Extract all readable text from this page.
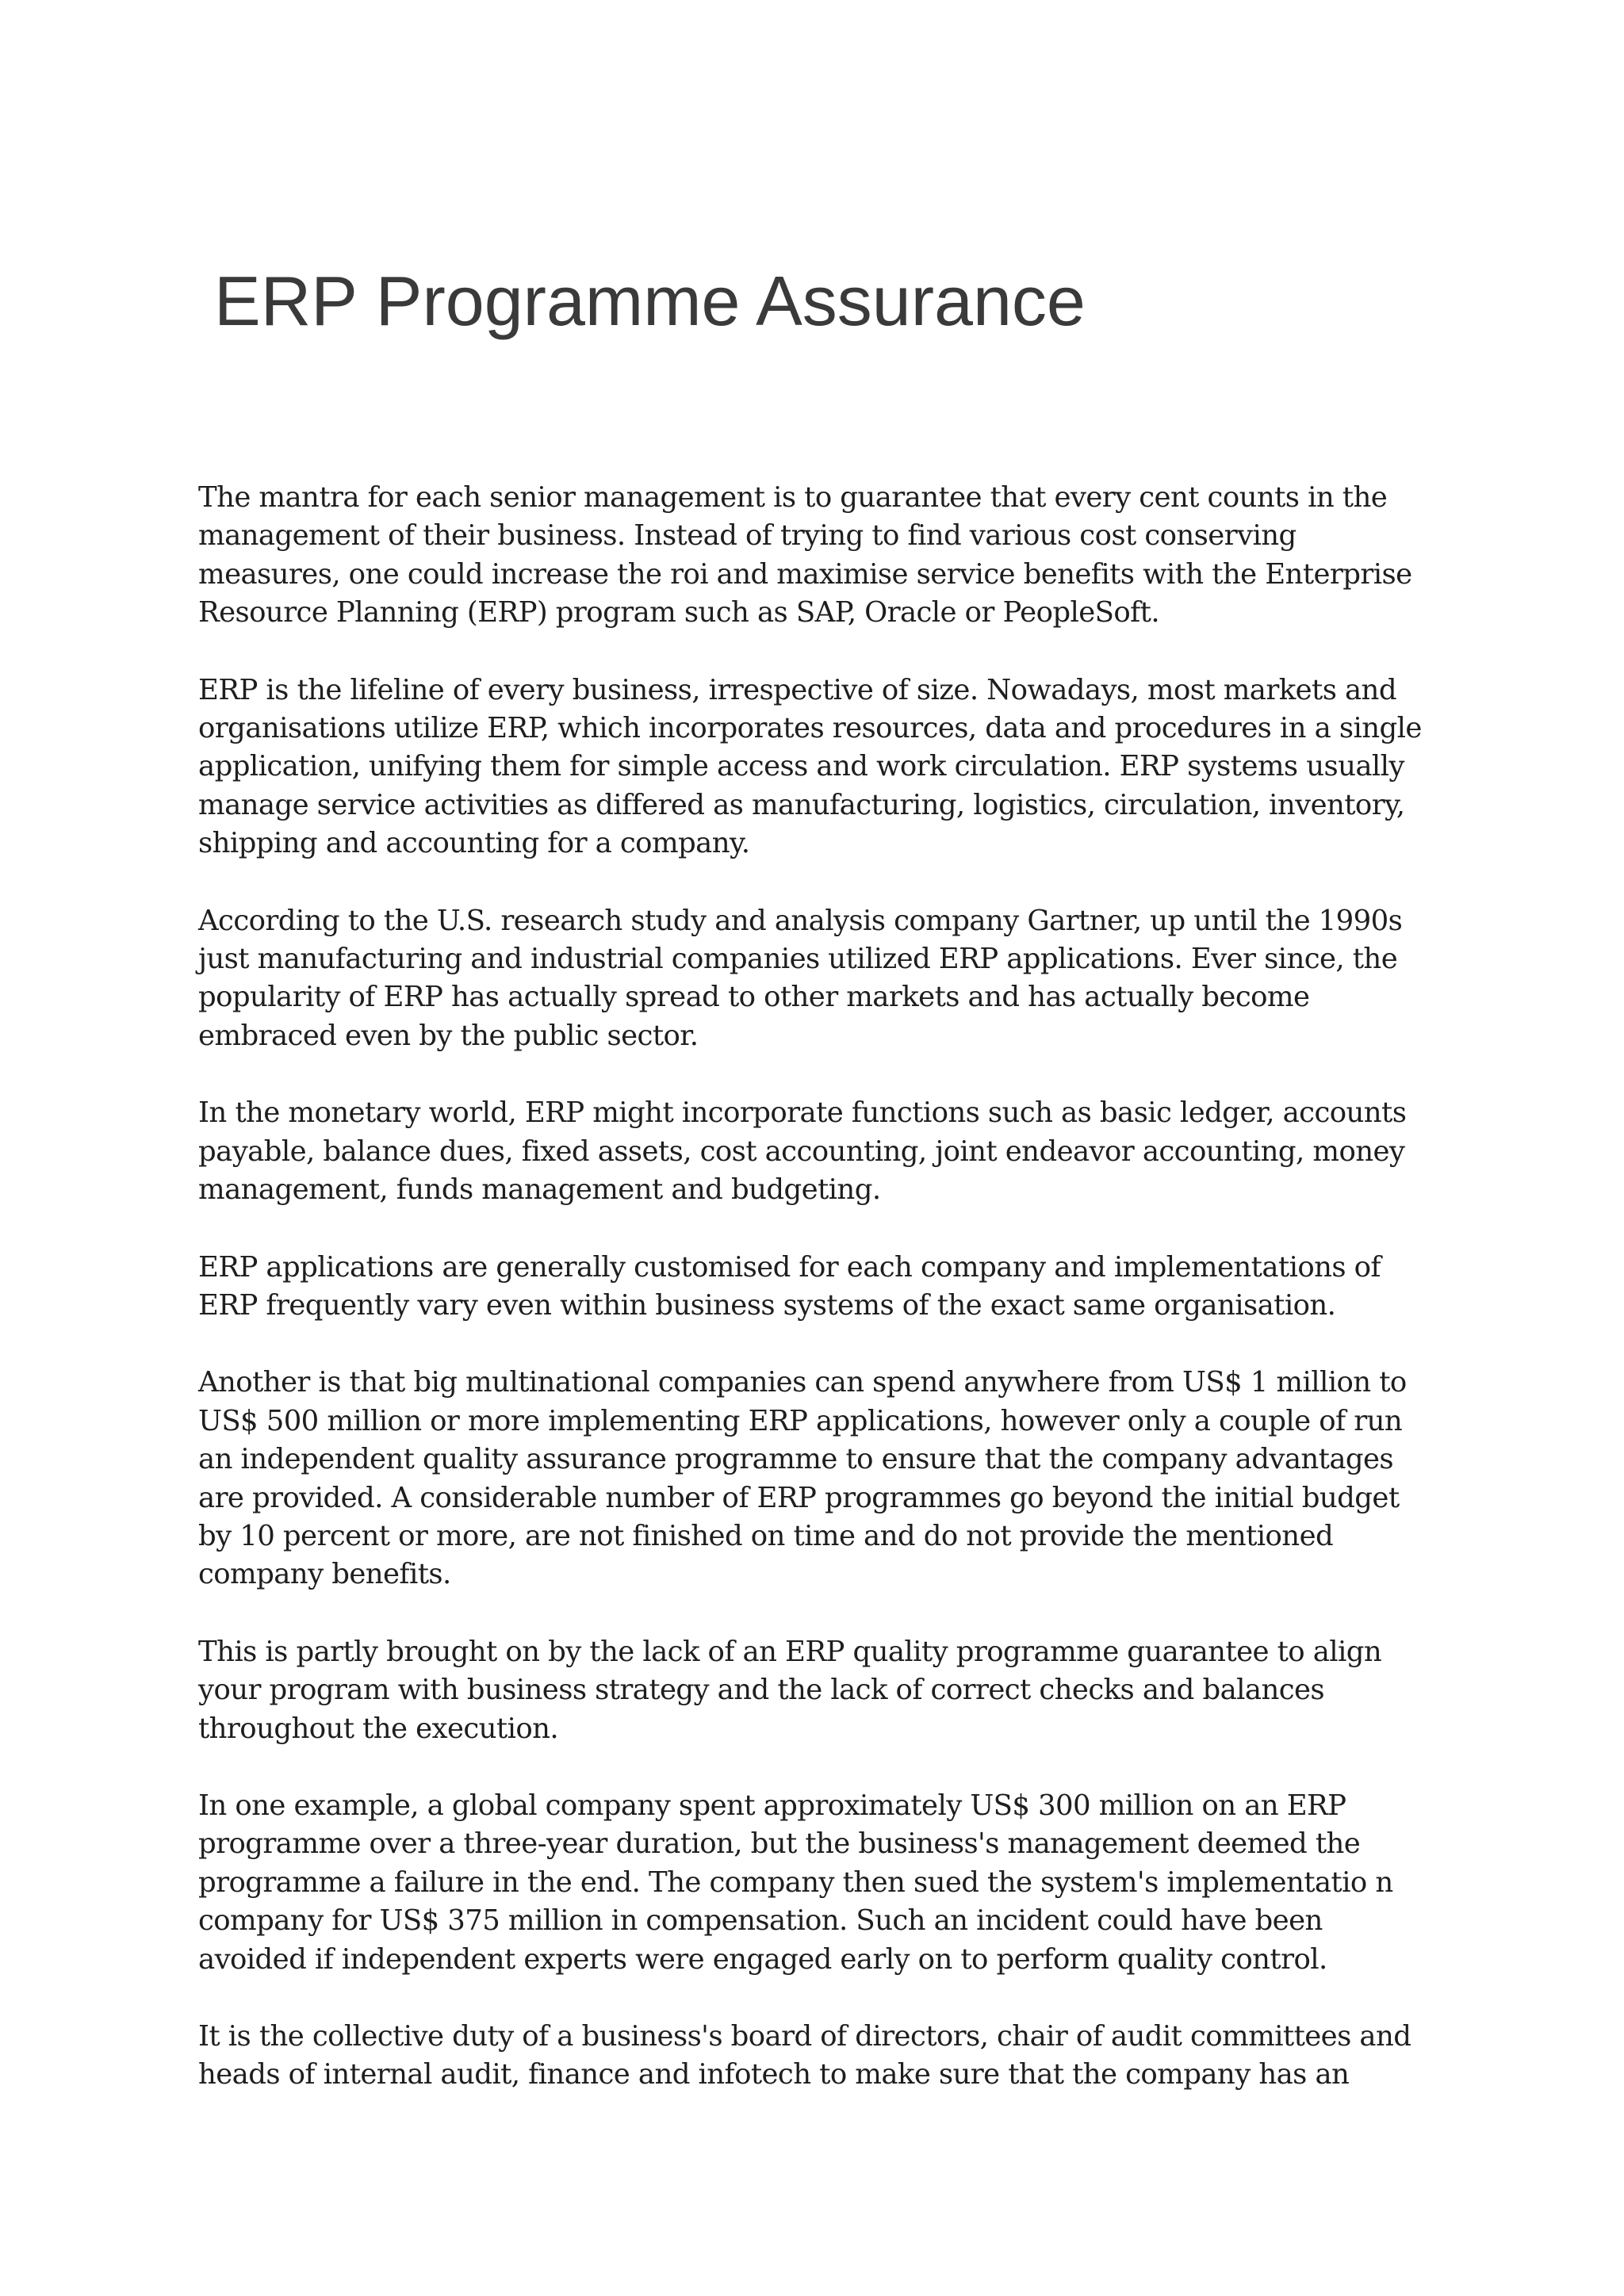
ERP Programme Assurance

The mantra for each senior management is to guarantee that every cent counts in the
management of their business. Instead of trying to find various cost conserving
measures, one could increase the roi and maximise service benefits with the Enterprise
Resource Planning (ERP) program such as SAP, Oracle or PeopleSoft.

ERP is the lifeline of every business, irrespective of size. Nowadays, most markets and
organisations utilize ERP, which incorporates resources, data and procedures in a single
application, unifying them for simple access and work circulation. ERP systems usually
manage service activities as differed as manufacturing, logistics, circulation, inventory,
shipping and accounting for a company.

According to the U.S. research study and analysis company Gartner, up until the 1990s
just manufacturing and industrial companies utilized ERP applications. Ever since, the
popularity of ERP has actually spread to other markets and has actually become
embraced even by the public sector.

In the monetary world, ERP might incorporate functions such as basic ledger, accounts
payable, balance dues, fixed assets, cost accounting, joint endeavor accounting, money
management, funds management and budgeting.

ERP applications are generally customised for each company and implementations of
ERP frequently vary even within business systems of the exact same organisation.

Another is that big multinational companies can spend anywhere from US$ 1 million to
US$ 500 million or more implementing ERP applications, however only a couple of run
an independent quality assurance programme to ensure that the company advantages
are provided. A considerable number of ERP programmes go beyond the initial budget
by 10 percent or more, are not finished on time and do not provide the mentioned
company benefits.

This is partly brought on by the lack of an ERP quality programme guarantee to align
your program with business strategy and the lack of correct checks and balances
throughout the execution.

In one example, a global company spent approximately US$ 300 million on an ERP
programme over a three-year duration, but the business's management deemed the
programme a failure in the end. The company then sued the system's implementatio n
company for US$ 375 million in compensation. Such an incident could have been
avoided if independent experts were engaged early on to perform quality control.

It is the collective duty of a business's board of directors, chair of audit committees and
heads of internal audit, finance and infotech to make sure that the company has an
